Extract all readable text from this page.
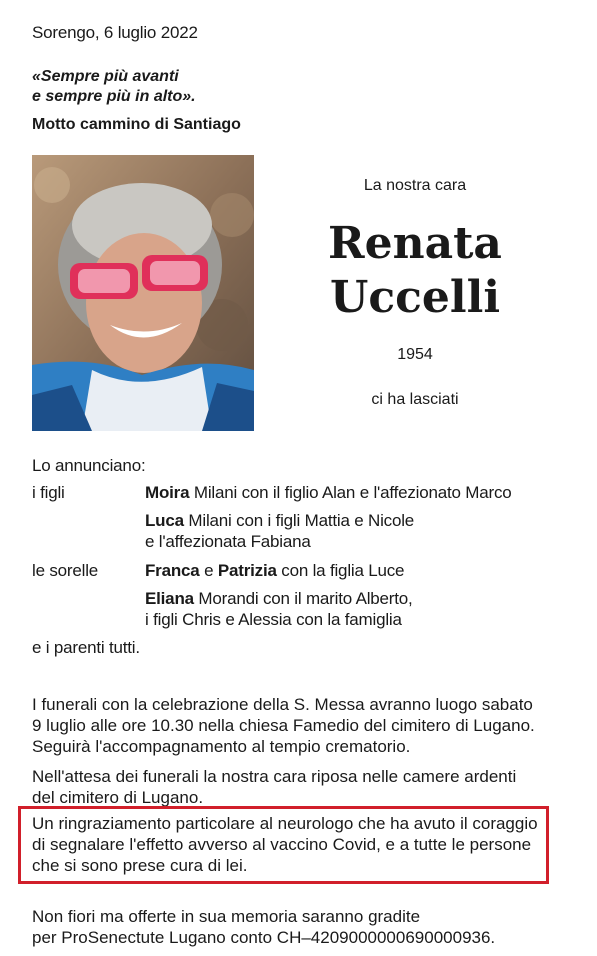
Sorengo, 6 luglio 2022
«Sempre più avanti
e sempre più in alto».
Motto cammino di Santiago
La nostra cara
Renata
Uccelli
1954
ci ha lasciati
Lo annunciano:
i figli	Moira Milani con il figlio Alan e l'affezionato Marco
Luca Milani con i figli Mattia e Nicole
e l'affezionata Fabiana
le sorelle	Franca e Patrizia con la figlia Luce
Eliana Morandi con il marito Alberto,
i figli Chris e Alessia con la famiglia
e i parenti tutti.
I funerali con la celebrazione della S. Messa avranno luogo sabato
9 luglio alle ore 10.30 nella chiesa Famedio del cimitero di Lugano.
Seguirà l'accompagnamento al tempio crematorio.
Nell'attesa dei funerali la nostra cara riposa nelle camere ardenti
del cimitero di Lugano.
Un ringraziamento particolare al neurologo che ha avuto il coraggio
di segnalare l'effetto avverso al vaccino Covid, e a tutte le persone
che si sono prese cura di lei.
Non fiori ma offerte in sua memoria saranno gradite
per ProSenectute Lugano conto CH–4209000000690000936.
